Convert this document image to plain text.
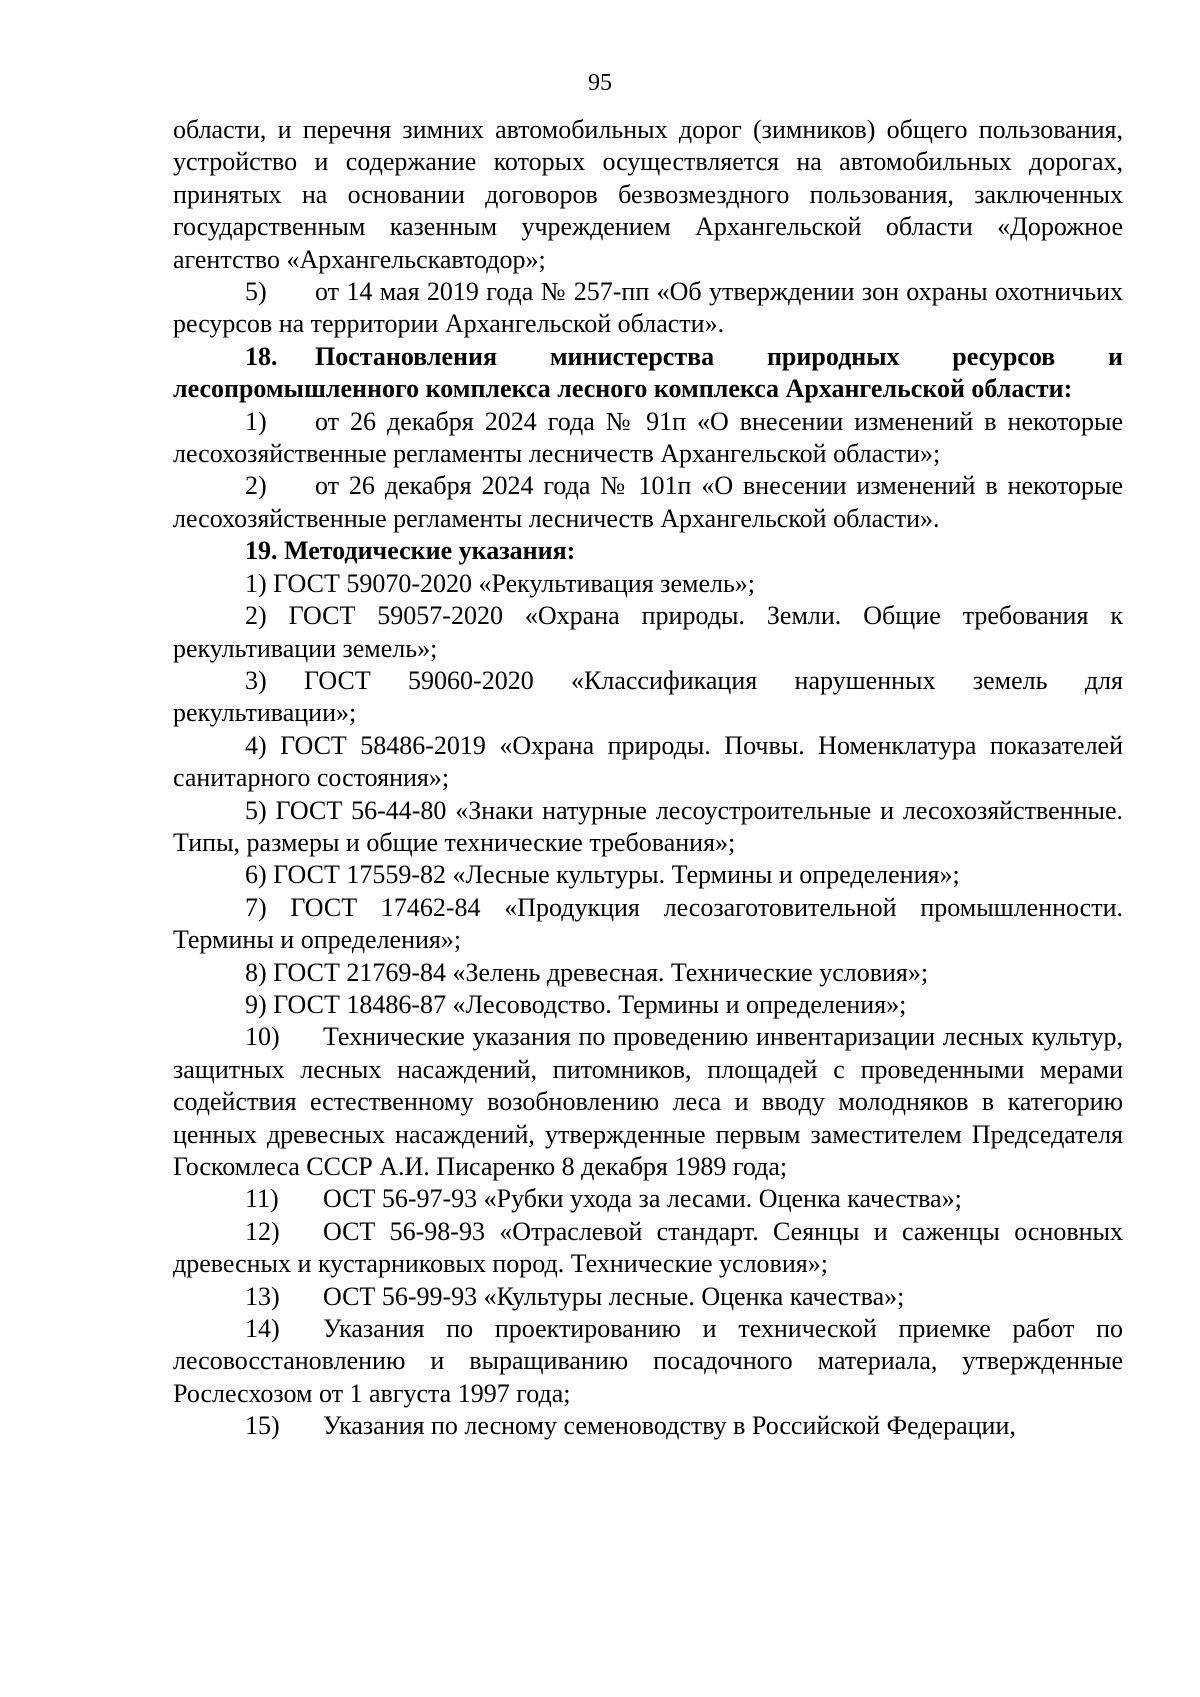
95

области, и перечня зимних автомобильных дорог (зимников) общего пользования, устройство и содержание которых осуществляется на автомобильных дорогах, принятых на основании договоров безвозмездного пользования, заключенных государственным казенным учреждением Архангельской области «Дорожное агентство «Архангельскавтодор»;

5) от 14 мая 2019 года № 257-пп «Об утверждении зон охраны охотничьих ресурсов на территории Архангельской области».

18. Постановления министерства природных ресурсов и лесопромышленного комплекса лесного комплекса Архангельской области:

1) от 26 декабря 2024 года № 91п «О внесении изменений в некоторые лесохозяйственные регламенты лесничеств Архангельской области»;

2) от 26 декабря 2024 года № 101п «О внесении изменений в некоторые лесохозяйственные регламенты лесничеств Архангельской области».

19. Методические указания:

1) ГОСТ 59070-2020 «Рекультивация земель»;

2) ГОСТ 59057-2020 «Охрана природы. Земли. Общие требования к рекультивации земель»;

3) ГОСТ 59060-2020 «Классификация нарушенных земель для рекультивации»;

4) ГОСТ 58486-2019 «Охрана природы. Почвы. Номенклатура показателей санитарного состояния»;

5) ГОСТ 56-44-80 «Знаки натурные лесоустроительные и лесохозяйственные. Типы, размеры и общие технические требования»;

6) ГОСТ 17559-82 «Лесные культуры. Термины и определения»;

7) ГОСТ 17462-84 «Продукция лесозаготовительной промышленности. Термины и определения»;

8) ГОСТ 21769-84 «Зелень древесная. Технические условия»;

9) ГОСТ 18486-87 «Лесоводство. Термины и определения»;

10) Технические указания по проведению инвентаризации лесных культур, защитных лесных насаждений, питомников, площадей с проведенными мерами содействия естественному возобновлению леса и вводу молодняков в категорию ценных древесных насаждений, утвержденные первым заместителем Председателя Госкомлеса СССР А.И. Писаренко 8 декабря 1989 года;

11) ОСТ 56-97-93 «Рубки ухода за лесами. Оценка качества»;

12) ОСТ 56-98-93 «Отраслевой стандарт. Сеянцы и саженцы основных древесных и кустарниковых пород. Технические условия»;

13) ОСТ 56-99-93 «Культуры лесные. Оценка качества»;

14) Указания по проектированию и технической приемке работ по лесовосстановлению и выращиванию посадочного материала, утвержденные Рослесхозом от 1 августа 1997 года;

15) Указания по лесному семеноводству в Российской Федерации,
